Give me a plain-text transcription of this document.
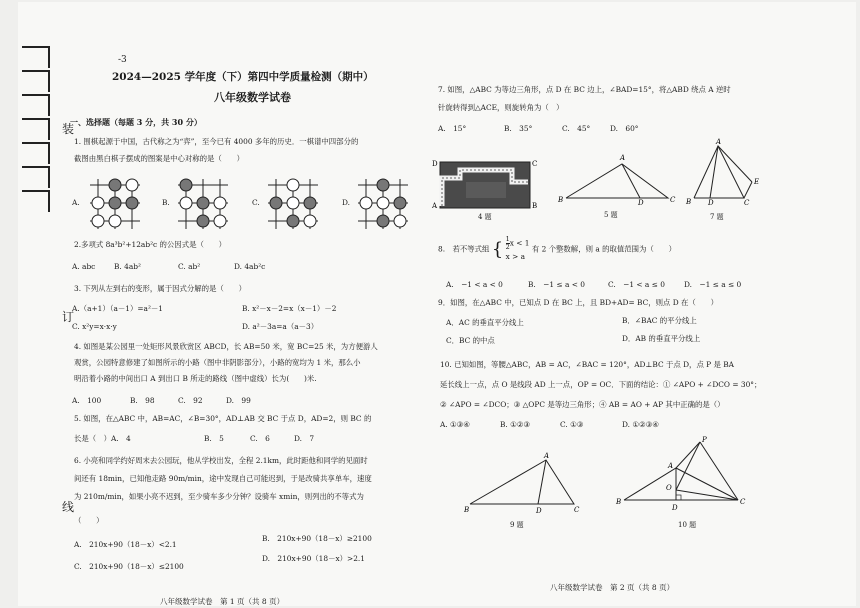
装
订
线
-3
2024—2025 学年度（下）第四中学质量检测（期中）
八年级数学试卷
一、选择题（每题 3 分，共 30 分）
1. 围棋起源于中国，古代称之为“弈”，至今已有 4000 多年的历史．一棋谱中四部分的
截图由黑白棋子摆成的图案是中心对称的是（　　）
A.	B.	C.	D.
2.多项式 8a³b²+12ab²c 的公因式是（　　）
A. abc	B. 4ab²	C. ab²	D. 4ab²c
3. 下列从左到右的变形，属于因式分解的是（　　）
A.（a+1）（a－1）=a²－1	B. x²－x－2=x（x－1）－2
C. x²y=x·x·y	D. a²－3a=a（a－3）
4. 如图是某公园里一处矩形风景欣赏区 ABCD，长 AB=50 米，宽 BC=25 米，为方便游人
观赏，公园特意修建了如图所示的小路（图中非阴影部分），小路的宽均为 1 米，那么小
明沿着小路的中间出口 A 到出口 B 所走的路线（图中虚线）长为(　　)米.
A.　100	B.　98	C.　92	D.　99
5. 如图，在△ABC 中，AB=AC，∠B=30°，AD⊥AB 交 BC 于点 D，AD=2，则 BC 的
长是（　）A.　4	B.　5	C.　6	D.　7
6. 小亮和同学约好周末去公园玩，他从学校出发，全程 2.1km，此时距他和同学的见面时
间还有 18min，已知他走路 90m/min，途中发现自己可能迟到，于是改骑共享单车，速度
为 210m/min，如果小亮不迟到，至少骑车多少分钟？设骑车 xmin，则列出的不等式为
（　　）
A.　210x+90（18－x）<2.1
B.　210x+90（18－x）≥2100
C.　210x+90（18－x）≤2100
D.　210x+90（18－x）>2.1
八年级数学试卷　第 1 页（共 8 页）
7. 如图，△ABC 为等边三角形，点 D 在 BC 边上，∠BAD=15°，将△ABD 绕点 A 逆时
针旋转得到△ACE，则旋转角为（　）
A.　15°	B.　35°	C.　45°	D.　60°
D
A
C
B
4 题
A
B	D	C
5 题
A
B D	C
E
7 题
8.　若不等式组 { $\frac{1}{2}$ x < 1
x > a
有 2 个整数解，则 a 的取值范围为（　　）
A.　−1 < a < 0	B.　−1 ≤ a < 0	C.　−1 < a ≤ 0	D.　−1 ≤ a ≤ 0
9．如图，在△ABC 中，已知点 D 在 BC 上，且 BD+AD= BC，则点 D 在（　　）
A．AC 的垂直平分线上	B．∠BAC 的平分线上
C．BC 的中点	D．AB 的垂直平分线上
10. 已知如图，等腰△ABC，AB = AC，∠BAC = 120°，AD⊥BC 于点 D，点 P 是 BA
延长线上一点，点 O 是线段 AD 上一点，OP = OC．下面的结论：① ∠APO + ∠DCO = 30°；
② ∠APO = ∠DCO；③ △OPC 是等边三角形；④ AB = AO + AP 其中正确的是（）
A. ①③④	B. ①②③	C. ①③	D. ①②③④
A
B	D	C
9 题
P
A
O
B
D
C
10 题
八年级数学试卷　第 2 页（共 8 页）
